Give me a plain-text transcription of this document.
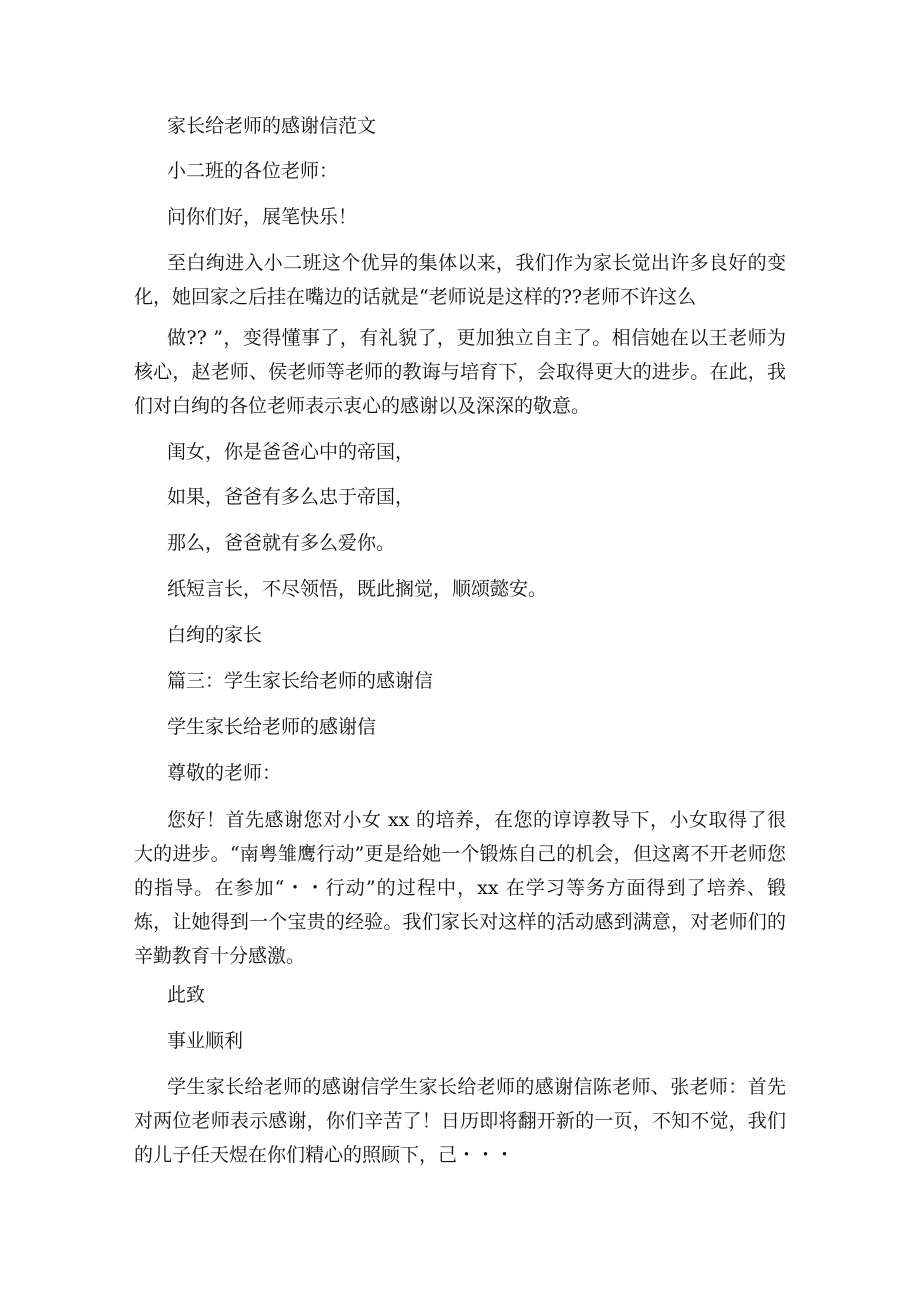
家长给老师的感谢信范文
小二班的各位老师：
问你们好，展笔快乐！
至白绚进入小二班这个优异的集体以来，我们作为家长觉出许多良好的变化，她回家之后挂在嘴边的话就是“老师说是这样的??老师不许这么
做?? ”，变得懂事了，有礼貌了，更加独立自主了。相信她在以王老师为核心，赵老师、侯老师等老师的教诲与培育下，会取得更大的进步。在此，我们对白绚的各位老师表示衷心的感谢以及深深的敬意。
闺女，你是爸爸心中的帝国，
如果，爸爸有多么忠于帝国，
那么，爸爸就有多么爱你。
纸短言长，不尽领悟，既此搁觉，顺颂懿安。
白绚的家长
篇三：学生家长给老师的感谢信
学生家长给老师的感谢信
尊敬的老师：
您好！首先感谢您对小女 xx 的培养，在您的谆谆教导下，小女取得了很大的进步。“南粤雏鹰行动”更是给她一个锻炼自己的机会，但这离不开老师您的指导。在参加“・・行动”的过程中，xx 在学习等务方面得到了培养、锻炼，让她得到一个宝贵的经验。我们家长对这样的活动感到满意，对老师们的辛勤教育十分感激。
此致
事业顺利
学生家长给老师的感谢信学生家长给老师的感谢信陈老师、张老师：首先对两位老师表示感谢，你们辛苦了！日历即将翻开新的一页，不知不觉，我们的儿子任天煜在你们精心的照顾下，己・・・
